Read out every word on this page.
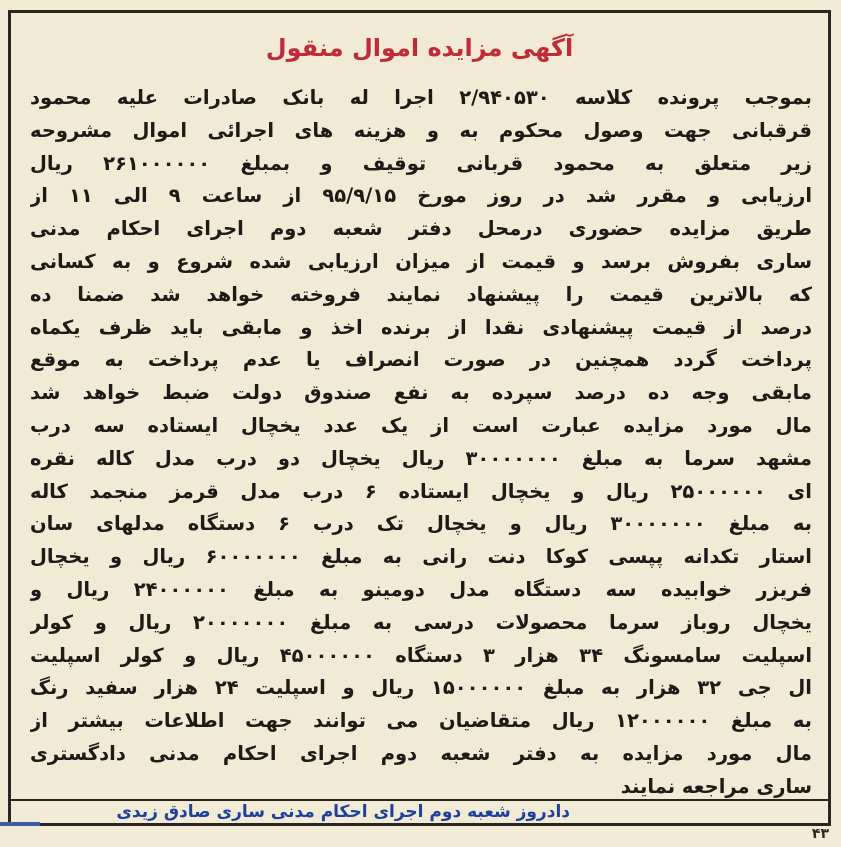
آگهی مزایده اموال منقول
بموجب پرونده کلاسه ۲/۹۴۰۵۳۰ اجرا له بانک صادرات علیه محمود
قرقبانی جهت وصول محکوم به و هزینه های اجرائی اموال مشروحه
زیر متعلق به محمود قربانی توقیف و بمبلغ ۲۶۱۰۰۰۰۰۰ ریال
ارزیابی و مقرر شد در روز مورخ ۹۵/۹/۱۵ از ساعت ۹ الی ۱۱ از
طریق مزایده حضوری درمحل دفتر شعبه دوم اجرای احکام مدنی
ساری بفروش برسد و قیمت از میزان ارزیابی شده شروع و به کسانی
که بالاترین قیمت را پیشنهاد نمایند فروخته خواهد شد ضمنا ده
درصد از قیمت پیشنهادی نقدا از برنده اخذ و مابقی باید ظرف یکماه
پرداخت گردد همچنین در صورت انصراف یا عدم پرداخت به موقع
مابقی وجه ده درصد سپرده به نفع صندوق دولت ضبط خواهد شد
مال مورد مزایده عبارت است از یک عدد یخچال ایستاده سه درب
مشهد سرما به مبلغ ۳۰۰۰۰۰۰۰ ریال یخچال دو درب مدل کاله نقره
ای ۲۵۰۰۰۰۰۰ ریال و یخچال ایستاده ۶ درب مدل قرمز منجمد کاله
به مبلغ ۳۰۰۰۰۰۰۰ ریال و یخچال تک درب ۶ دستگاه مدلهای سان
استار تکدانه پپسی کوکا دنت رانی به مبلغ ۶۰۰۰۰۰۰۰ ریال و یخچال
فریزر خوابیده سه دستگاه مدل دومینو به مبلغ ۲۴۰۰۰۰۰۰ ریال و
یخچال روباز سرما محصولات درسی به مبلغ ۲۰۰۰۰۰۰۰ ریال و کولر
اسپلیت سامسونگ ۳۴ هزار ۳ دستگاه ۴۵۰۰۰۰۰۰ ریال و کولر اسپلیت
ال جی ۳۲ هزار به مبلغ ۱۵۰۰۰۰۰۰ ریال و اسپلیت ۲۴ هزار سفید رنگ
به مبلغ ۱۲۰۰۰۰۰۰ ریال متقاضیان می توانند جهت اطلاعات بیشتر از
مال مورد مزایده به دفتر شعبه دوم اجرای احکام مدنی دادگستری
ساری مراجعه نمایند
دادروز شعبه دوم اجرای احکام مدنی ساری صادق زیدی
۴۳
